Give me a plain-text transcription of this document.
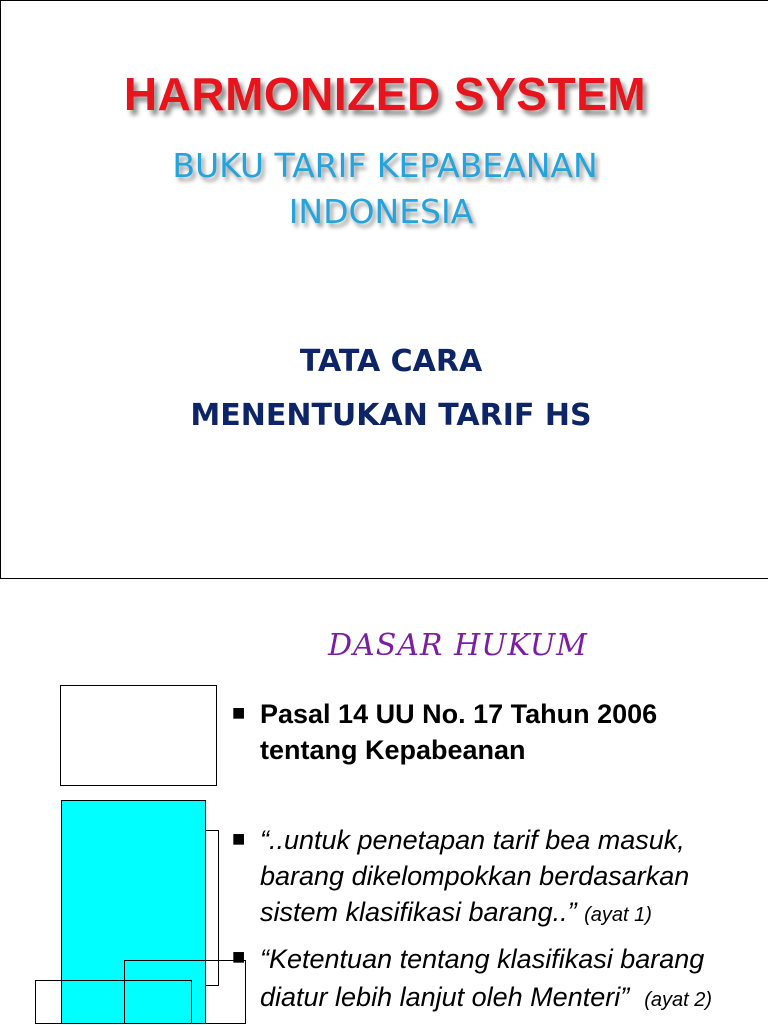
HARMONIZED SYSTEM
BUKU TARIF KEPABEANAN
INDONESIA
TATA CARA
MENENTUKAN TARIF HS
DASAR HUKUM
■ Pasal 14 UU No. 17 Tahun 2006
tentang Kepabeanan
■ “..untuk penetapan tarif bea masuk,
barang dikelompokkan berdasarkan
sistem klasifikasi barang..” (ayat 1)
■ “Ketentuan tentang klasifikasi barang
diatur lebih lanjut oleh Menteri” (ayat 2)
